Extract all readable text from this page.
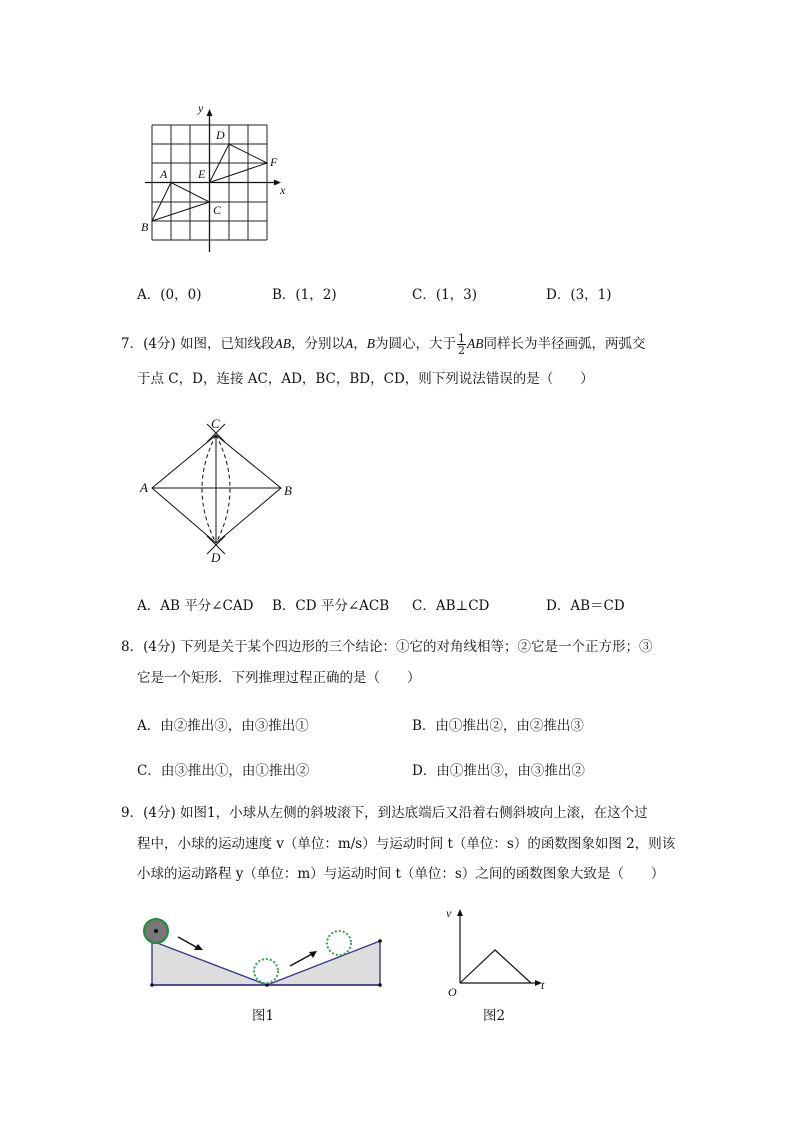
y
x
A
B
C
D
E
F
A．(0，0)	B．(1，2)	C．(1，3)	D．(3，1)
7．(4分) 如图，已知线段AB，分别以A，B为圆心，大于 $\frac{1}{2}$ AB同样长为半径画弧，两弧交
于点 C，D，连接 AC，AD，BC，BD，CD，则下列说法错误的是（　　）
A	B
C
D
A．AB 平分∠CAD B．CD 平分∠ACB C．AB⊥CD	D．AB＝CD
8．(4分) 下列是关于某个四边形的三个结论：①它的对角线相等；②它是一个正方形；③
它是一个矩形．下列推理过程正确的是（　　）
A．由②推出③，由③推出①	B．由①推出②，由②推出③
C．由③推出①，由①推出②	D．由①推出③，由③推出②
9．(4分) 如图1，小球从左侧的斜坡滚下，到达底端后又沿着右侧斜坡向上滚，在这个过
程中，小球的运动速度 v（单位：m/s）与运动时间 t（单位：s）的函数图象如图 2，则该
小球的运动路程 y（单位：m）与运动时间 t（单位：s）之间的函数图象大致是（　　）
图1
v
t
O
图2
